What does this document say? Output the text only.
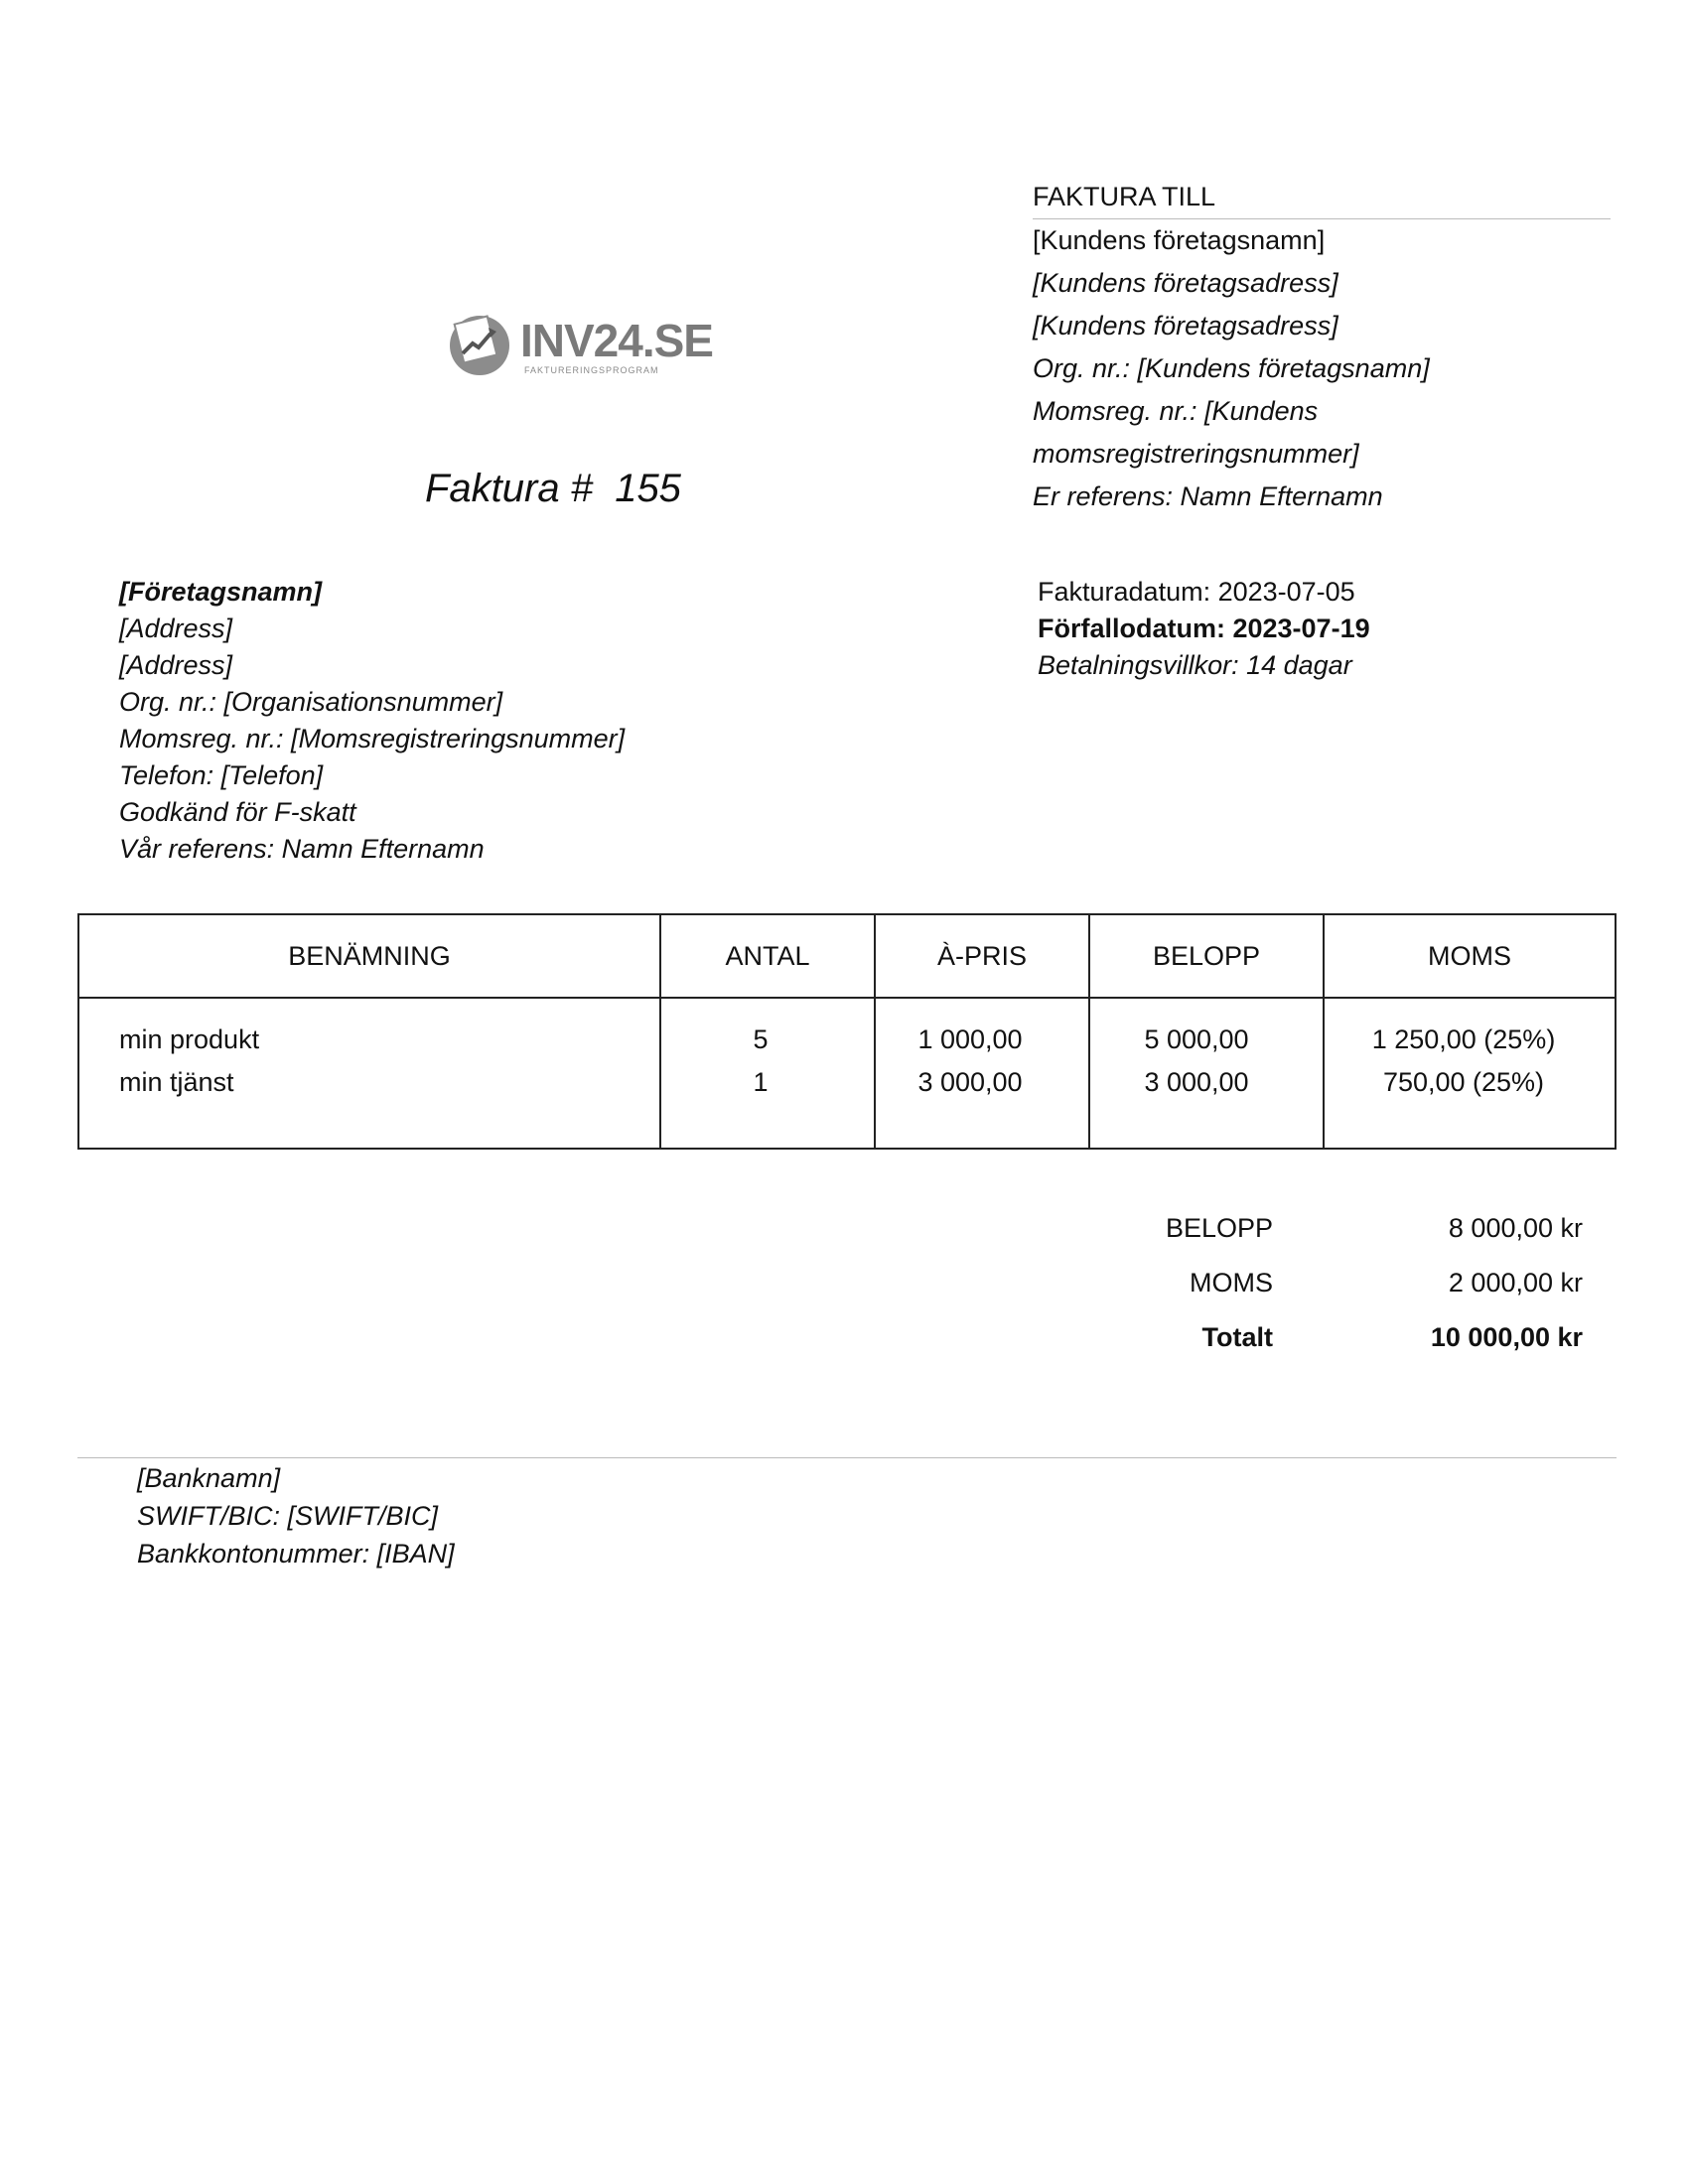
INV24.SE
FAKTURERINGSPROGRAM
Faktura #  155
FAKTURA TILL
[Kundens företagsnamn]
[Kundens företagsadress]
[Kundens företagsadress]
Org. nr.: [Kundens företagsnamn]
Momsreg. nr.: [Kundens
momsregistreringsnummer]
Er referens: Namn Efternamn
[Företagsnamn]
[Address]
[Address]
Org. nr.: [Organisationsnummer]
Momsreg. nr.: [Momsregistreringsnummer]
Telefon: [Telefon]
Godkänd för F-skatt
Vår referens: Namn Efternamn
Fakturadatum: 2023-07-05
Förfallodatum: 2023-07-19
Betalningsvillkor: 14 dagar
BENÄMNING	ANTAL	À-PRIS	BELOPP	MOMS
min produkt	5	1 000,00	5 000,00	1 250,00 (25%)
min tjänst	1	3 000,00	3 000,00	750,00 (25%)
BELOPP	8 000,00 kr
MOMS	2 000,00 kr
Totalt	10 000,00 kr
[Banknamn]
SWIFT/BIC: [SWIFT/BIC]
Bankkontonummer: [IBAN]
